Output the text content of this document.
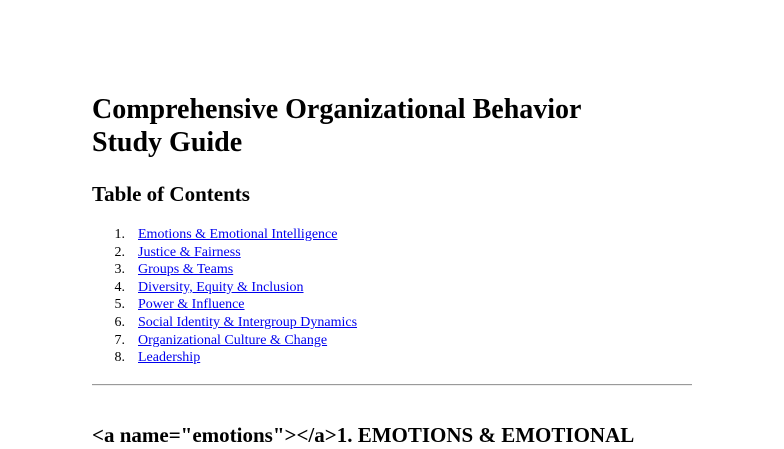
Comprehensive Organizational Behavior
Study Guide
Table of Contents
1. Emotions & Emotional Intelligence
2. Justice & Fairness
3. Groups & Teams
4. Diversity, Equity & Inclusion
5. Power & Influence
6. Social Identity & Intergroup Dynamics
7. Organizational Culture & Change
8. Leadership
<a name="emotions"></a>1. EMOTIONS & EMOTIONAL
